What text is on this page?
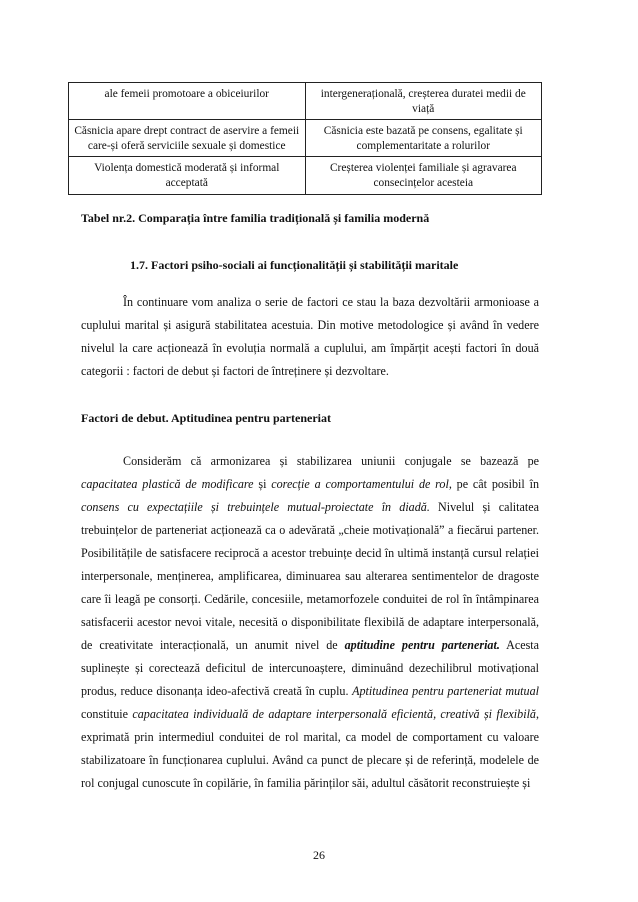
ale femeii promotoare a obiceiurilor	intergenerațională, creșterea duratei medii de viață
Căsnicia apare drept contract de aservire a femeii care-și oferă serviciile sexuale și domestice	Căsnicia este bazată pe consens, egalitate și complementaritate a rolurilor
Violența domestică moderată și informal acceptată	Creșterea violenței familiale și agravarea consecințelor acesteia
Tabel nr.2. Comparația între familia tradițională și familia modernă
1.7. Factori psiho-sociali ai funcționalității și stabilității maritale
În continuare vom analiza o serie de factori ce stau la baza dezvoltării armonioase a cuplului marital și asigură stabilitatea acestuia. Din motive metodologice și având în vedere nivelul la care acționează în evoluția normală a cuplului, am împărțit acești factori în două categorii : factori de debut și factori de întreținere și dezvoltare.
Factori de debut. Aptitudinea pentru parteneriat
Considerăm că armonizarea și stabilizarea uniunii conjugale se bazează pe capacitatea plastică de modificare și corecție a comportamentului de rol, pe cât posibil în consens cu expectațiile și trebuințele mutual-proiectate în diadă. Nivelul și calitatea trebuințelor de parteneriat acționează ca o adevărată „cheie motivațională” a fiecărui partener. Posibilitățile de satisfacere reciprocă a acestor trebuințe decid în ultimă instanță cursul relației interpersonale, menținerea, amplificarea, diminuarea sau alterarea sentimentelor de dragoste care îi leagă pe consorți. Cedările, concesiile, metamorfozele conduitei de rol în întâmpinarea satisfacerii acestor nevoi vitale, necesită o disponibilitate flexibilă de adaptare interpersonală, de creativitate interacțională, un anumit nivel de aptitudine pentru parteneriat. Acesta suplinește și corectează deficitul de intercunoaștere, diminuând dezechilibrul motivațional produs, reduce disonanța ideo-afectivă creată în cuplu. Aptitudinea pentru parteneriat mutual constituie capacitatea individuală de adaptare interpersonală eficientă, creativă și flexibilă, exprimată prin intermediul conduitei de rol marital, ca model de comportament cu valoare stabilizatoare în funcționarea cuplului. Având ca punct de plecare și de referință, modelele de rol conjugal cunoscute în copilărie, în familia părinților săi, adultul căsătorit reconstruiește și
26
